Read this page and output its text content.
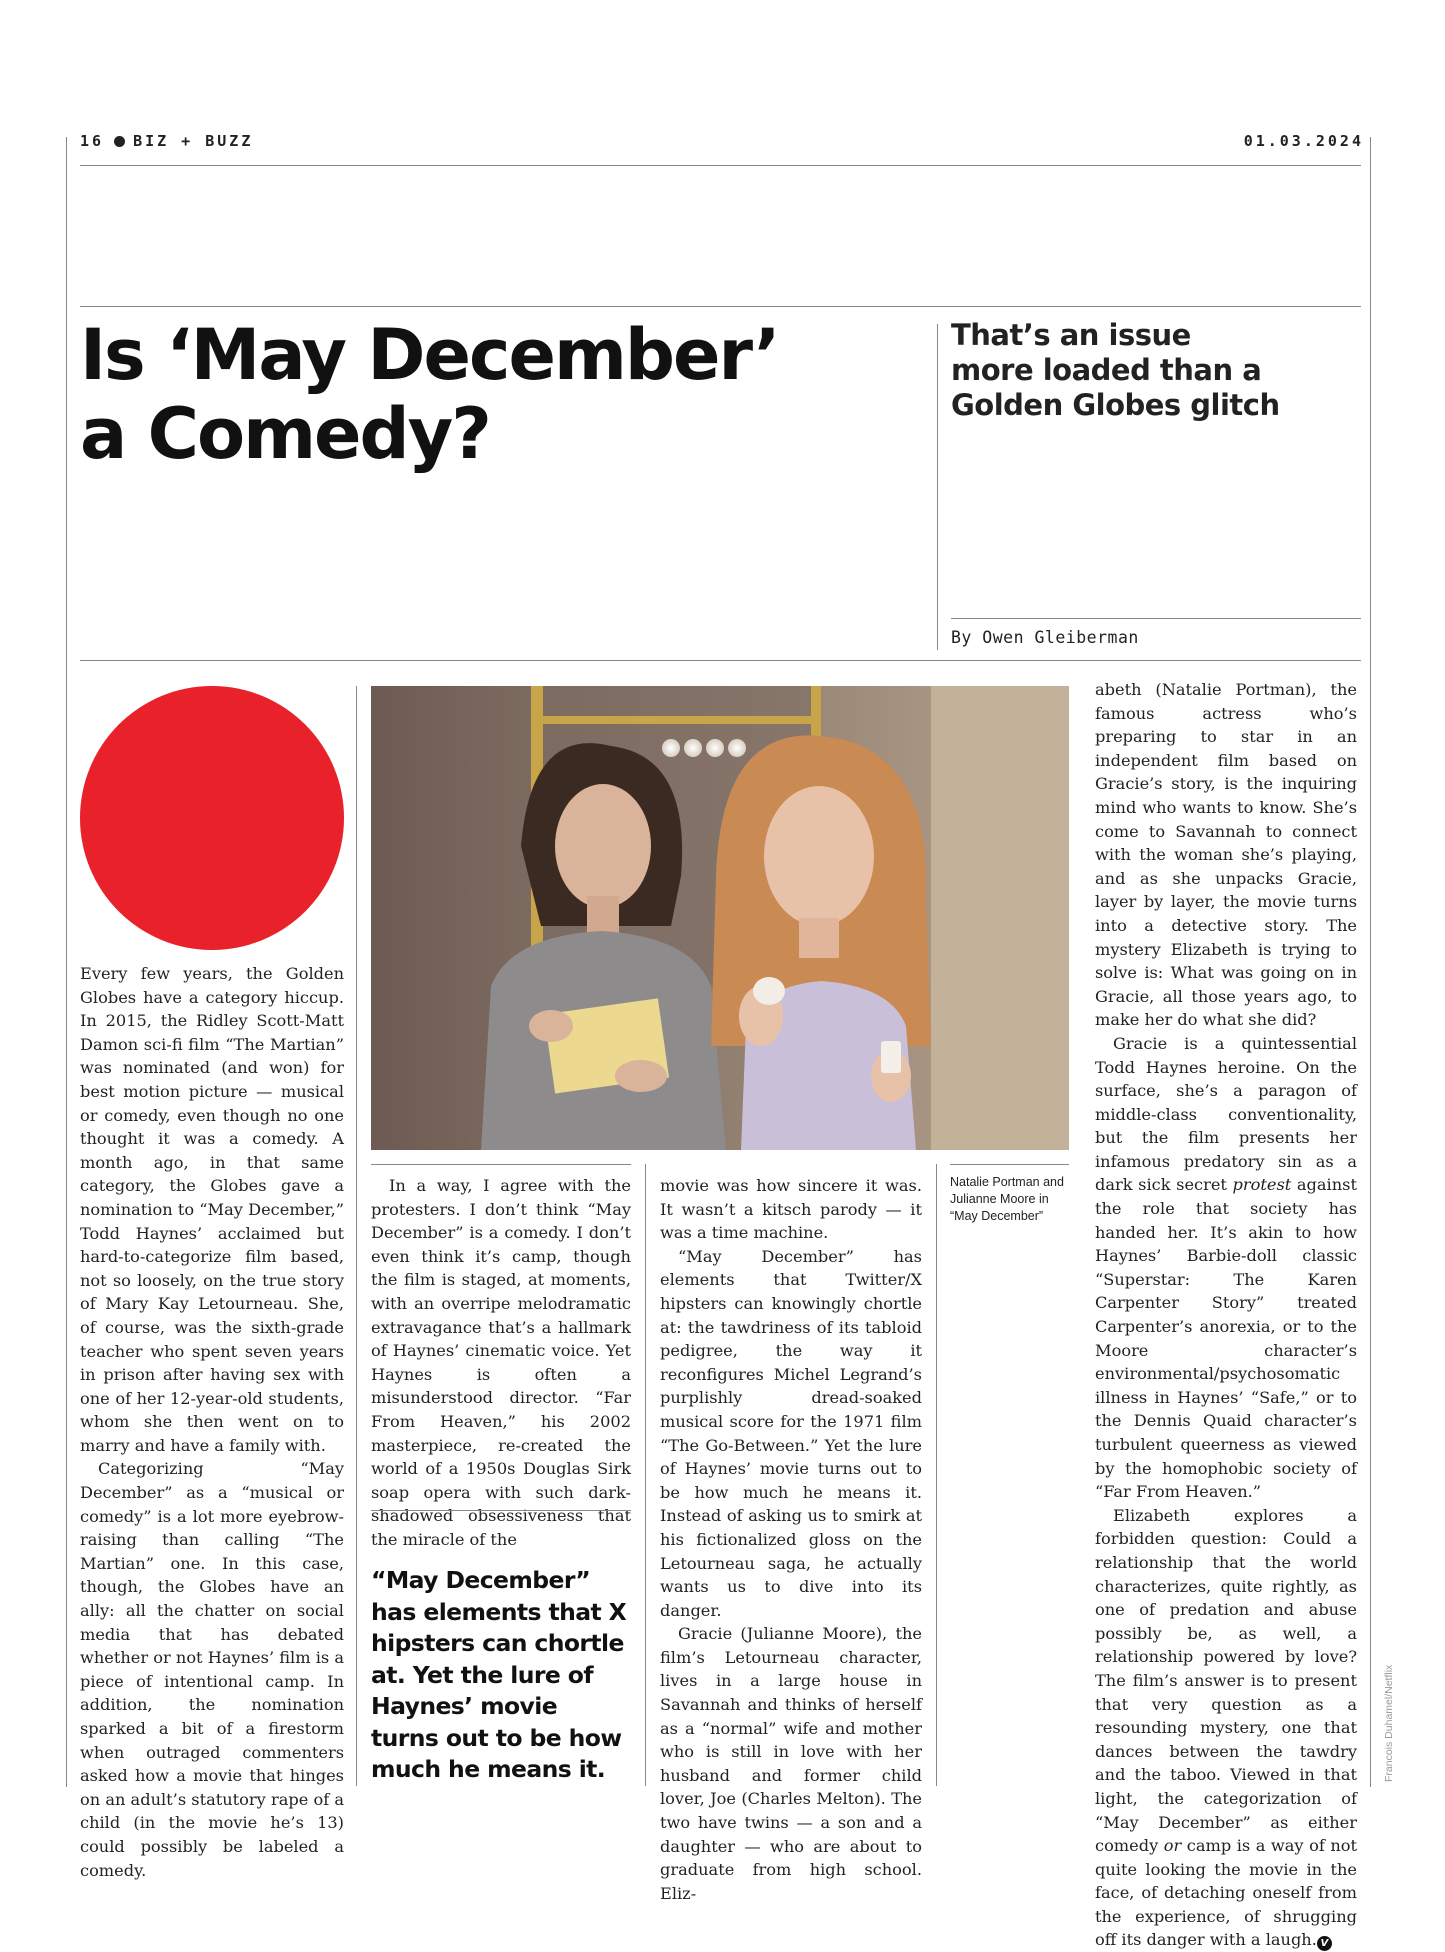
16 BIZ + BUZZ	01.03.2024
Is ‘May December’
a Comedy?
That’s an issue more loaded than a Golden Globes glitch
By Owen Gleiberman

Every few years, the Golden Globes have a category hiccup. In 2015, the Ridley Scott-Matt Damon sci-fi film “The Martian” was nominated (and won) for best motion picture — musical or comedy, even though no one thought it was a comedy. A month ago, in that same category, the Globes gave a nomination to “May December,” Todd Haynes’ acclaimed but hard-to-categorize film based, not so loosely, on the true story of Mary Kay Letourneau. She, of course, was the sixth-grade teacher who spent seven years in prison after having sex with one of her 12-year-old students, whom she then went on to marry and have a family with.

Categorizing “May December” as a “musical or comedy” is a lot more eyebrow-raising than calling “The Martian” one. In this case, though, the Globes have an ally: all the chatter on social media that has debated whether or not Haynes’ film is a piece of intentional camp. In addition, the nomination sparked a bit of a firestorm when outraged commenters asked how a movie that hinges on an adult’s statutory rape of a child (in the movie he’s 13) could possibly be labeled a comedy.

In a way, I agree with the protesters. I don’t think “May December” is a comedy. I don’t even think it’s camp, though the film is staged, at moments, with an overripe melodramatic extravagance that’s a hallmark of Haynes’ cinematic voice. Yet Haynes is often a misunderstood director. “Far From Heaven,” his 2002 masterpiece, re-created the world of a 1950s Douglas Sirk soap opera with such dark-shadowed obsessiveness that the miracle of the

“May December” has elements that X hipsters can chortle at. Yet the lure of Haynes’ movie turns out to be how much he means it.

movie was how sincere it was. It wasn’t a kitsch parody — it was a time machine.

“May December” has elements that Twitter/X hipsters can knowingly chortle at: the tawdriness of its tabloid pedigree, the way it reconfigures Michel Legrand’s purplishly dread-soaked musical score for the 1971 film “The Go-Between.” Yet the lure of Haynes’ movie turns out to be how much he means it. Instead of asking us to smirk at his fictionalized gloss on the Letourneau saga, he actually wants us to dive into its danger.

Gracie (Julianne Moore), the film’s Letourneau character, lives in a large house in Savannah and thinks of herself as a “normal” wife and mother who is still in love with her husband and former child lover, Joe (Charles Melton). The two have twins — a son and a daughter — who are about to graduate from high school. Eliz-

Natalie Portman and Julianne Moore in “May December”

abeth (Natalie Portman), the famous actress who’s preparing to star in an independent film based on Gracie’s story, is the inquiring mind who wants to know. She’s come to Savannah to connect with the woman she’s playing, and as she unpacks Gracie, layer by layer, the movie turns into a detective story. The mystery Elizabeth is trying to solve is: What was going on in Gracie, all those years ago, to make her do what she did?

Gracie is a quintessential Todd Haynes heroine. On the surface, she’s a paragon of middle-class conventionality, but the film presents her infamous predatory sin as a dark sick secret protest against the role that society has handed her. It’s akin to how Haynes’ Barbie-doll classic “Superstar: The Karen Carpenter Story” treated Carpenter’s anorexia, or to the Moore character’s environmental/psychosomatic illness in Haynes’ “Safe,” or to the Dennis Quaid character’s turbulent queerness as viewed by the homophobic society of “Far From Heaven.”

Elizabeth explores a forbidden question: Could a relationship that the world characterizes, quite rightly, as one of predation and abuse possibly be, as well, a relationship powered by love? The film’s answer is to present that very question as a resounding mystery, one that dances between the tawdry and the taboo. Viewed in that light, the categorization of “May December” as either comedy or camp is a way of not quite looking the movie in the face, of detaching oneself from the experience, of shrugging off its danger with a laugh. V

Francois Duhamel/Netflix
